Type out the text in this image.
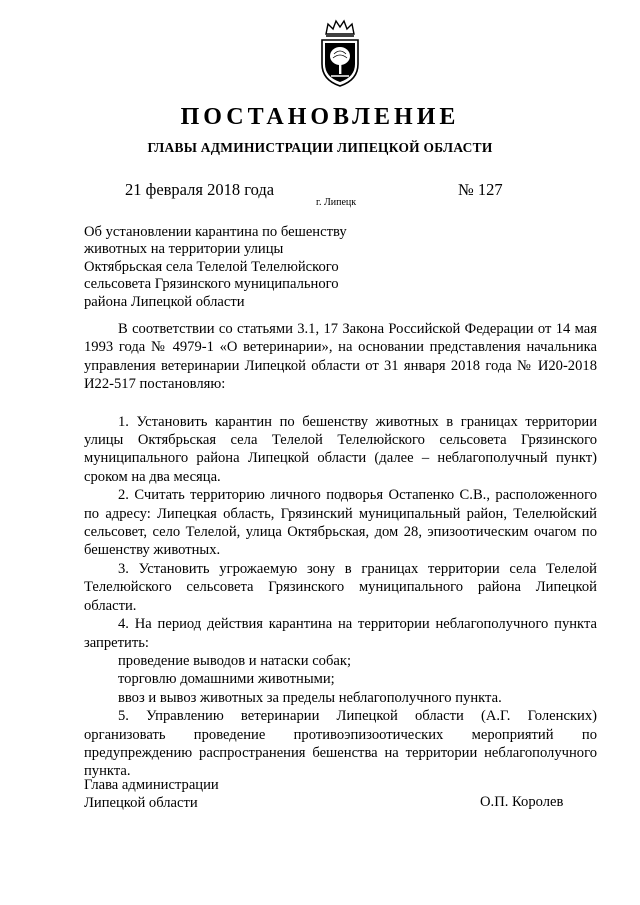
ПОСТАНОВЛЕНИЕ
ГЛАВЫ АДМИНИСТРАЦИИ ЛИПЕЦКОЙ ОБЛАСТИ
21 февраля 2018 года
г. Липецк
№ 127
Об установлении карантина по бешенству
животных на территории улицы
Октябрьская села Телелой Телелюйского
сельсовета Грязинского муниципального
района Липецкой области

В соответствии со статьями 3.1, 17 Закона Российской Федерации от 14 мая 1993 года № 4979-1 «О ветеринарии», на основании представления начальника управления ветеринарии Липецкой области от 31 января 2018 года № И20-2018 И22-517 постановляю:

1. Установить карантин по бешенству животных в границах территории улицы Октябрьская села Телелой Телелюйского сельсовета Грязинского муниципального района Липецкой области (далее – неблагополучный пункт) сроком на два месяца.

2. Считать территорию личного подворья Остапенко С.В., расположенного по адресу: Липецкая область, Грязинский муниципальный район, Телелюйский сельсовет, село Телелой, улица Октябрьская, дом 28, эпизоотическим очагом по бешенству животных.

3. Установить угрожаемую зону в границах территории села Телелой Телелюйского сельсовета Грязинского муниципального района Липецкой области.

4. На период действия карантина на территории неблагополучного пункта запретить:

проведение выводов и натаски собак;

торговлю домашними животными;

ввоз и вывоз животных за пределы неблагополучного пункта.

5. Управлению ветеринарии Липецкой области (А.Г. Голенских) организовать проведение противоэпизоотических мероприятий по предупреждению распространения бешенства на территории неблагополучного пункта.

Глава администрации
Липецкой области	О.П. Королев
